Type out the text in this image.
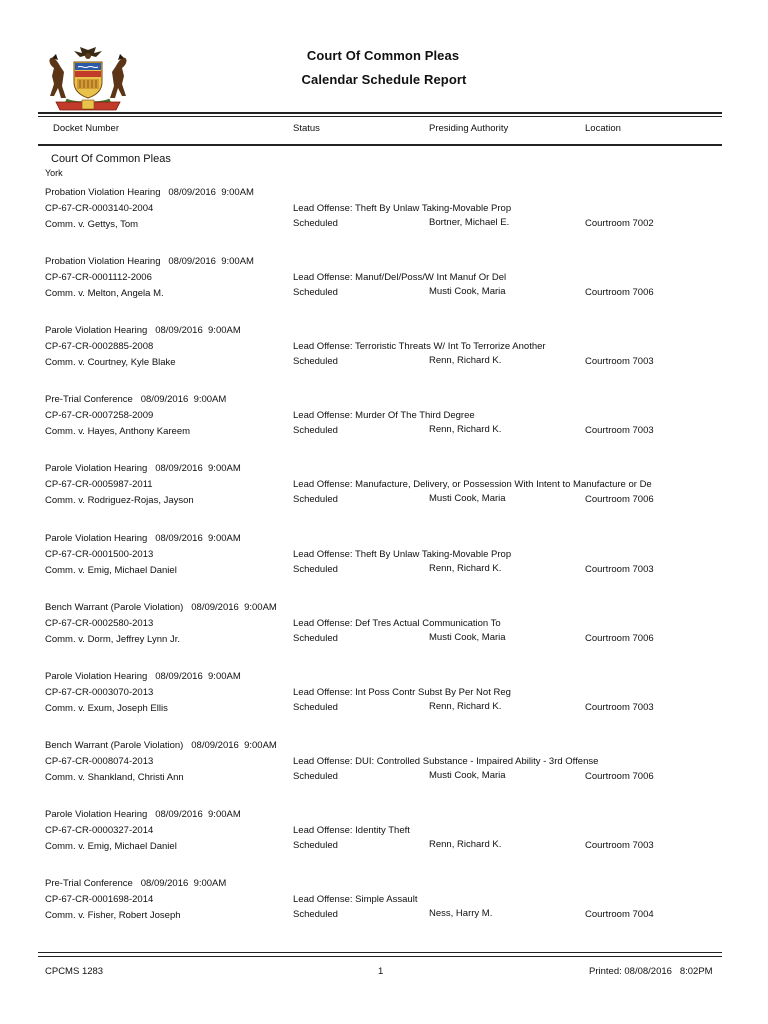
Court Of Common Pleas
Calendar Schedule Report
Docket Number	Status	Presiding Authority	Location
Court Of Common Pleas
York
Probation Violation Hearing   08/09/2016  9:00AM
CP-67-CR-0003140-2004
Comm. v. Gettys, Tom
Lead Offense: Theft By Unlaw Taking-Movable Prop
Scheduled	Bortner, Michael E.	Courtroom 7002
Probation Violation Hearing   08/09/2016  9:00AM
CP-67-CR-0001112-2006
Comm. v. Melton, Angela M.
Lead Offense: Manuf/Del/Poss/W Int Manuf Or Del
Scheduled	Musti Cook, Maria	Courtroom 7006
Parole Violation Hearing   08/09/2016  9:00AM
CP-67-CR-0002885-2008
Comm. v. Courtney, Kyle Blake
Lead Offense: Terroristic Threats W/ Int To Terrorize Another
Scheduled	Renn, Richard K.	Courtroom 7003
Pre-Trial Conference   08/09/2016  9:00AM
CP-67-CR-0007258-2009
Comm. v. Hayes, Anthony Kareem
Lead Offense: Murder Of The Third Degree
Scheduled	Renn, Richard K.	Courtroom 7003
Parole Violation Hearing   08/09/2016  9:00AM
CP-67-CR-0005987-2011
Comm. v. Rodriguez-Rojas, Jayson
Lead Offense: Manufacture, Delivery, or Possession With Intent to Manufacture or De
Scheduled	Musti Cook, Maria	Courtroom 7006
Parole Violation Hearing   08/09/2016  9:00AM
CP-67-CR-0001500-2013
Comm. v. Emig, Michael Daniel
Lead Offense: Theft By Unlaw Taking-Movable Prop
Scheduled	Renn, Richard K.	Courtroom 7003
Bench Warrant (Parole Violation)   08/09/2016  9:00AM
CP-67-CR-0002580-2013
Comm. v. Dorm, Jeffrey Lynn Jr.
Lead Offense: Def Tres Actual Communication To
Scheduled	Musti Cook, Maria	Courtroom 7006
Parole Violation Hearing   08/09/2016  9:00AM
CP-67-CR-0003070-2013
Comm. v. Exum, Joseph Ellis
Lead Offense: Int Poss Contr Subst By Per Not Reg
Scheduled	Renn, Richard K.	Courtroom 7003
Bench Warrant (Parole Violation)   08/09/2016  9:00AM
CP-67-CR-0008074-2013
Comm. v. Shankland, Christi Ann
Lead Offense: DUI: Controlled Substance - Impaired Ability - 3rd Offense
Scheduled	Musti Cook, Maria	Courtroom 7006
Parole Violation Hearing   08/09/2016  9:00AM
CP-67-CR-0000327-2014
Comm. v. Emig, Michael Daniel
Lead Offense: Identity Theft
Scheduled	Renn, Richard K.	Courtroom 7003
Pre-Trial Conference   08/09/2016  9:00AM
CP-67-CR-0001698-2014
Comm. v. Fisher, Robert Joseph
Lead Offense: Simple Assault
Scheduled	Ness, Harry M.	Courtroom 7004
CPCMS 1283	1	Printed: 08/08/2016   8:02PM
